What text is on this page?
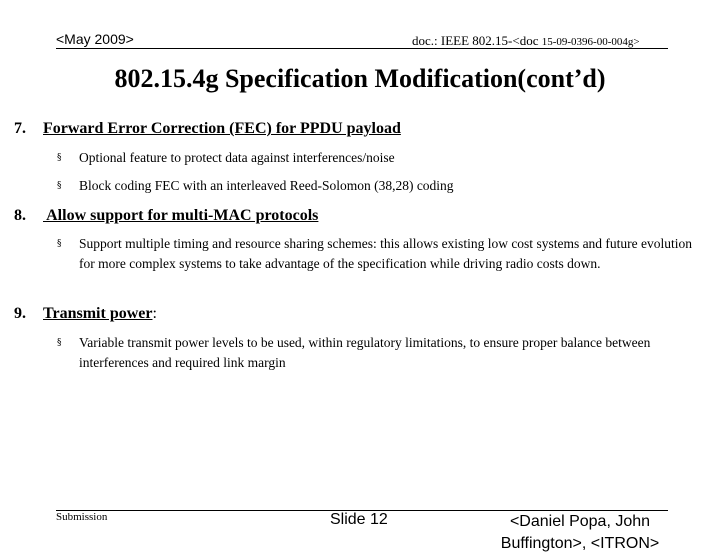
<May 2009>	doc.: IEEE 802.15-<doc 15-09-0396-00-004g>
802.15.4g Specification Modification(cont’d)
7. Forward Error Correction (FEC) for PPDU payload
§ Optional feature to protect data against interferences/noise
§ Block coding FEC with an interleaved Reed-Solomon (38,28) coding
8. Allow support for multi-MAC protocols
§ Support multiple timing and resource sharing schemes: this allows existing low cost systems and future evolution for more complex systems to take advantage of the specification while driving radio costs down.
9. Transmit power:
§ Variable transmit power levels to be used, within regulatory limitations, to ensure proper balance between interferences and required link margin
Submission	Slide 12	<Daniel Popa, John Buffington>, <ITRON>
